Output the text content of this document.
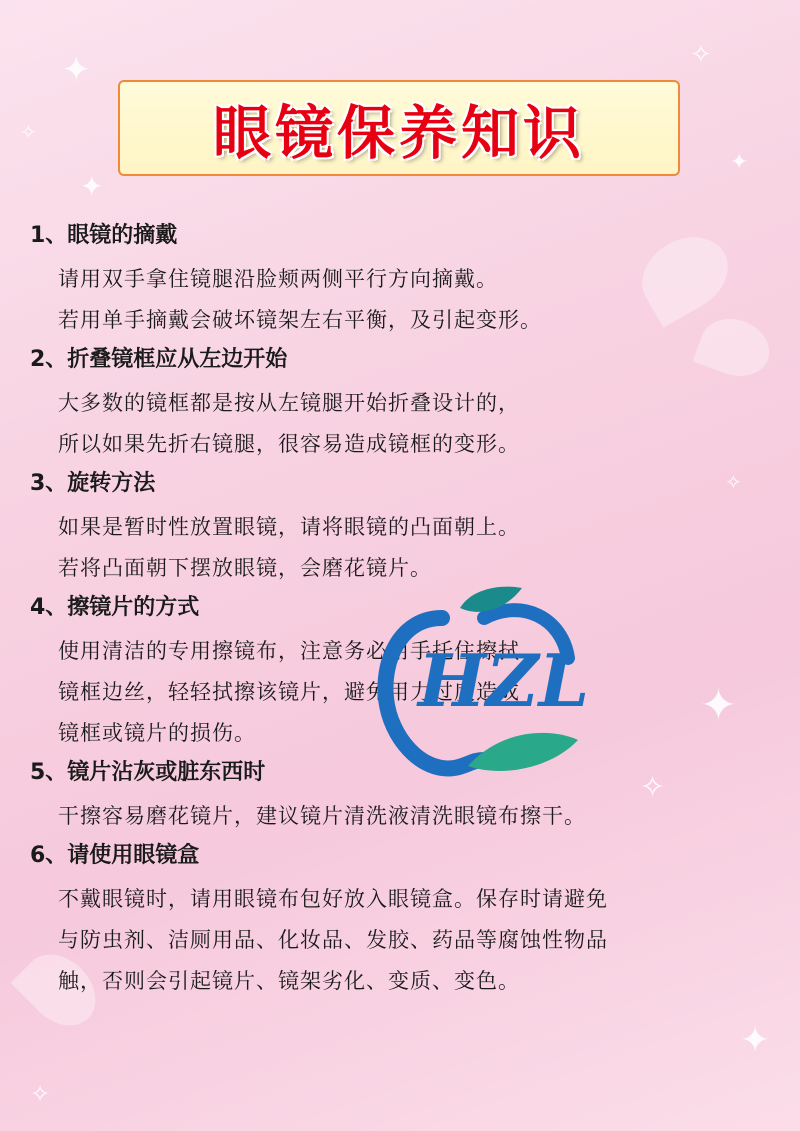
✦
✧
✦
✧
✦
✦
✧
✧
✦
✧
眼镜保养知识
1、眼镜的摘戴
请用双手拿住镜腿沿脸颊两侧平行方向摘戴。
若用单手摘戴会破坏镜架左右平衡，及引起变形。
2、折叠镜框应从左边开始
大多数的镜框都是按从左镜腿开始折叠设计的，
所以如果先折右镜腿，很容易造成镜框的变形。
3、旋转方法
如果是暂时性放置眼镜，请将眼镜的凸面朝上。
若将凸面朝下摆放眼镜，会磨花镜片。
4、擦镜片的方式
使用清洁的专用擦镜布，注意务必用手托住擦拭
镜框边丝，轻轻拭擦该镜片，避免用力过度造成
镜框或镜片的损伤。
5、镜片沾灰或脏东西时
干擦容易磨花镜片，建议镜片清洗液清洗眼镜布擦干。
6、请使用眼镜盒
不戴眼镜时，请用眼镜布包好放入眼镜盒。保存时请避免
与防虫剂、洁厕用品、化妆品、发胶、药品等腐蚀性物品
触，否则会引起镜片、镜架劣化、变质、变色。
HZL
